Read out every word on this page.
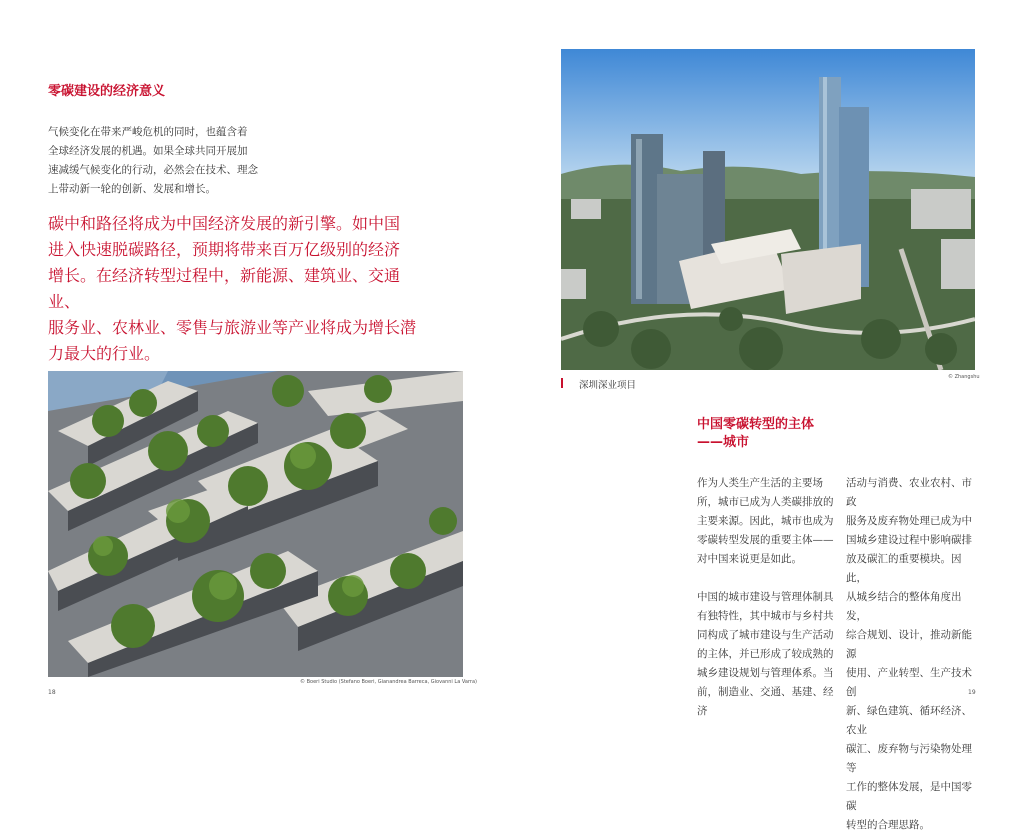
零碳建设的经济意义
气候变化在带来严峻危机的同时，也蕴含着
全球经济发展的机遇。如果全球共同开展加
速减缓气候变化的行动，必然会在技术、理念
上带动新一轮的创新、发展和增长。
碳中和路径将成为中国经济发展的新引擎。如中国
进入快速脱碳路径，预期将带来百万亿级别的经济
增长。在经济转型过程中，新能源、建筑业、交通业、
服务业、农林业、零售与旅游业等产业将成为增长潜
力最大的行业。
© Boeri Studio (Stefano Boeri, Gianandrea Barreca, Giovanni La Varra)
18
© Zhangshu
深圳深业项目
中国零碳转型的主体
——城市
作为人类生产生活的主要场
所，城市已成为人类碳排放的
主要来源。因此，城市也成为
零碳转型发展的重要主体——
对中国来说更是如此。
中国的城市建设与管理体制具
有独特性，其中城市与乡村共
同构成了城市建设与生产活动
的主体，并已形成了较成熟的
城乡建设规划与管理体系。当
前，制造业、交通、基建、经济
活动与消费、农业农村、市政
服务及废弃物处理已成为中
国城乡建设过程中影响碳排
放及碳汇的重要模块。因此，
从城乡结合的整体角度出发，
综合规划、设计，推动新能源
使用、产业转型、生产技术创
新、绿色建筑、循环经济、农业
碳汇、废弃物与污染物处理等
工作的整体发展，是中国零碳
转型的合理思路。
19
